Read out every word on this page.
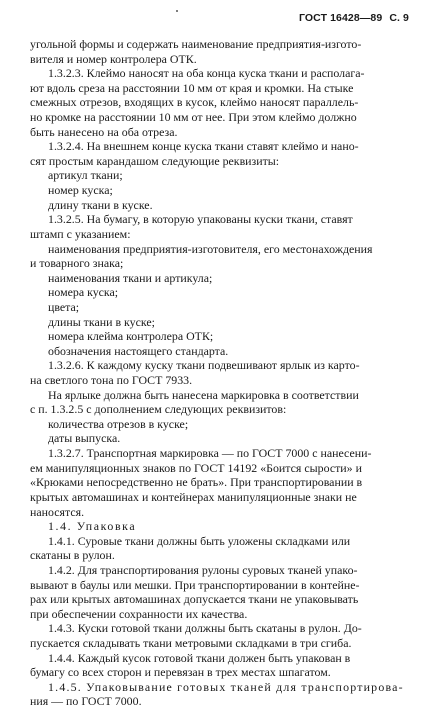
ГОСТ 16428—89 С. 9
угольной формы и содержать наименование предприятия-изгото-
вителя и номер контролера ОТК.
1.3.2.3. Клеймо наносят на оба конца куска ткани и располага-
ют вдоль среза на расстоянии 10 мм от края и кромки. На стыке
смежных отрезов, входящих в кусок, клеймо наносят параллель-
но кромке на расстоянии 10 мм от нее. При этом клеймо должно
быть нанесено на оба отреза.
1.3.2.4. На внешнем конце куска ткани ставят клеймо и нано-
сят простым карандашом следующие реквизиты:
артикул ткани;
номер куска;
длину ткани в куске.
1.3.2.5. На бумагу, в которую упакованы куски ткани, ставят
штамп с указанием:
наименования предприятия-изготовителя, его местонахождения
и товарного знака;
наименования ткани и артикула;
номера куска;
цвета;
длины ткани в куске;
номера клейма контролера ОТК;
обозначения настоящего стандарта.
1.3.2.6. К каждому куску ткани подвешивают ярлык из карто-
на светлого тона по ГОСТ 7933.
На ярлыке должна быть нанесена маркировка в соответствии
с п. 1.3.2.5 с дополнением следующих реквизитов:
количества отрезов в куске;
даты выпуска.
1.3.2.7. Транспортная маркировка — по ГОСТ 7000 с нанесени-
ем манипуляционных знаков по ГОСТ 14192 «Боится сырости» и
«Крюками непосредственно не брать». При транспортировании в
крытых автомашинах и контейнерах манипуляционные знаки не
наносятся.
1.4. Упаковка
1.4.1. Суровые ткани должны быть уложены складками или
скатаны в рулон.
1.4.2. Для транспортирования рулоны суровых тканей упако-
вывают в баулы или мешки. При транспортировании в контейне-
рах или крытых автомашинах допускается ткани не упаковывать
при обеспечении сохранности их качества.
1.4.3. Куски готовой ткани должны быть скатаны в рулон. До-
пускается складывать ткани метровыми складками в три сгиба.
1.4.4. Каждый кусок готовой ткани должен быть упакован в
бумагу со всех сторон и перевязан в трех местах шпагатом.
1.4.5. Упаковывание готовых тканей для транспортирова-
ния — по ГОСТ 7000.
